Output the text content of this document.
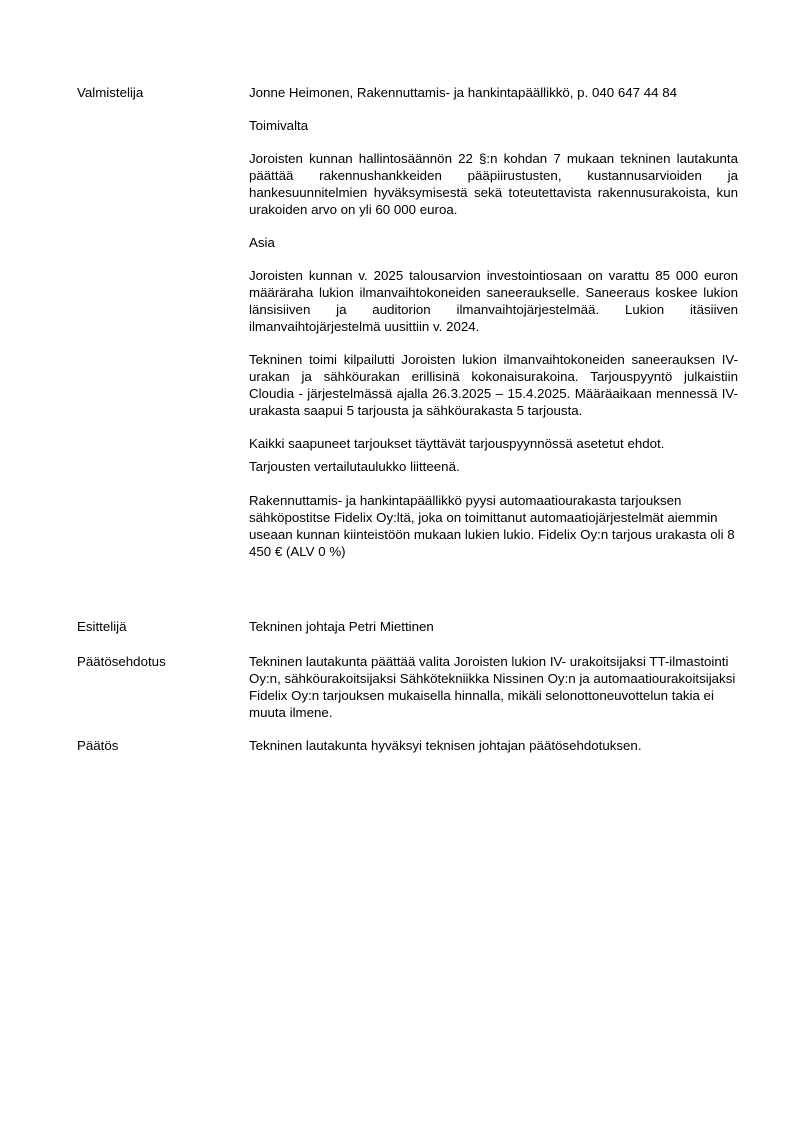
Valmistelija	Jonne Heimonen, Rakennuttamis- ja hankintapäällikkö, p. 040 647 44 84

Toimivalta

Joroisten kunnan hallintosäännön 22 §:n kohdan 7 mukaan tekninen lautakunta päättää rakennushankkeiden pääpiirustusten, kustannusarvioiden ja hankesuunnitelmien hyväksymisestä sekä toteutettavista rakennusurakoista, kun urakoiden arvo on yli 60 000 euroa.

Asia

Joroisten kunnan v. 2025 talousarvion investointiosaan on varattu 85 000 euron määräraha lukion ilmanvaihtokoneiden saneeraukselle. Saneeraus koskee lukion länsisiiven ja auditorion ilmanvaihtojärjestelmää. Lukion itäsiiven ilmanvaihtojärjestelmä uusittiin v. 2024.

Tekninen toimi kilpailutti Joroisten lukion ilmanvaihtokoneiden saneerauksen IV-urakan ja sähköurakan erillisinä kokonaisurakoina. Tarjouspyyntö julkaistiin Cloudia - järjestelmässä ajalla 26.3.2025 – 15.4.2025. Määräaikaan mennessä IV-urakasta saapui 5 tarjousta ja sähköurakasta 5 tarjousta.

Kaikki saapuneet tarjoukset täyttävät tarjouspyynnössä asetetut ehdot.

Tarjousten vertailutaulukko liitteenä.

Rakennuttamis- ja hankintapäällikkö pyysi automaatiourakasta tarjouksen sähköpostitse Fidelix Oy:ltä, joka on toimittanut automaatiojärjestelmät aiemmin useaan kunnan kiinteistöön mukaan lukien lukio. Fidelix Oy:n tarjous urakasta oli 8 450 € (ALV 0 %)

Esittelijä	Tekninen johtaja Petri Miettinen

Päätösehdotus	Tekninen lautakunta päättää valita Joroisten lukion IV- urakoitsijaksi TT-ilmastointi Oy:n, sähköurakoitsijaksi Sähkötekniikka Nissinen Oy:n ja automaatiourakoitsijaksi Fidelix Oy:n tarjouksen mukaisella hinnalla, mikäli selonottoneuvottelun takia ei muuta ilmene.

Päätös	Tekninen lautakunta hyväksyi teknisen johtajan päätösehdotuksen.
